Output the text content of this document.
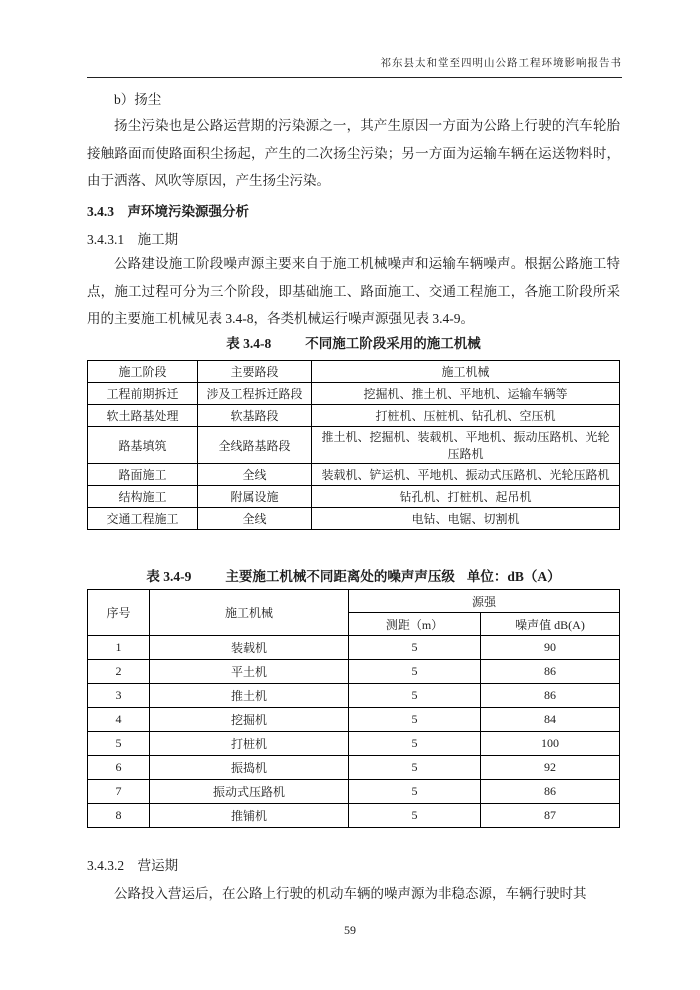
祁东县太和堂至四明山公路工程环境影响报告书
b）扬尘
扬尘污染也是公路运营期的污染源之一，其产生原因一方面为公路上行驶的汽车轮胎接触路面而使路面积尘扬起，产生的二次扬尘污染；另一方面为运输车辆在运送物料时，由于洒落、风吹等原因，产生扬尘污染。
3.4.3　声环境污染源强分析
3.4.3.1　施工期
公路建设施工阶段噪声源主要来自于施工机械噪声和运输车辆噪声。根据公路施工特点，施工过程可分为三个阶段，即基础施工、路面施工、交通工程施工，各施工阶段所采用的主要施工机械见表 3.4-8，各类机械运行噪声源强见表 3.4-9。
表 3.4-8	不同施工阶段采用的施工机械
施工阶段	主要路段	施工机械
工程前期拆迁	涉及工程拆迁路段	挖掘机、推土机、平地机、运输车辆等
软土路基处理	软基路段	打桩机、压桩机、钻孔机、空压机
路基填筑	全线路基路段	推土机、挖掘机、装载机、平地机、振动压路机、光轮压路机
路面施工	全线	装载机、铲运机、平地机、振动式压路机、光轮压路机
结构施工	附属设施	钻孔机、打桩机、起吊机
交通工程施工	全线	电钻、电锯、切割机
表 3.4-9	主要施工机械不同距离处的噪声声压级 单位：dB（A）
序号	施工机械	源强	
		测距（m）	噪声值 dB(A)
1	装载机	5	90
2	平土机	5	86
3	推土机	5	86
4	挖掘机	5	84
5	打桩机	5	100
6	振捣机	5	92
7	振动式压路机	5	86
8	推铺机	5	87
3.4.3.2　营运期
公路投入营运后，在公路上行驶的机动车辆的噪声源为非稳态源，车辆行驶时其
59
